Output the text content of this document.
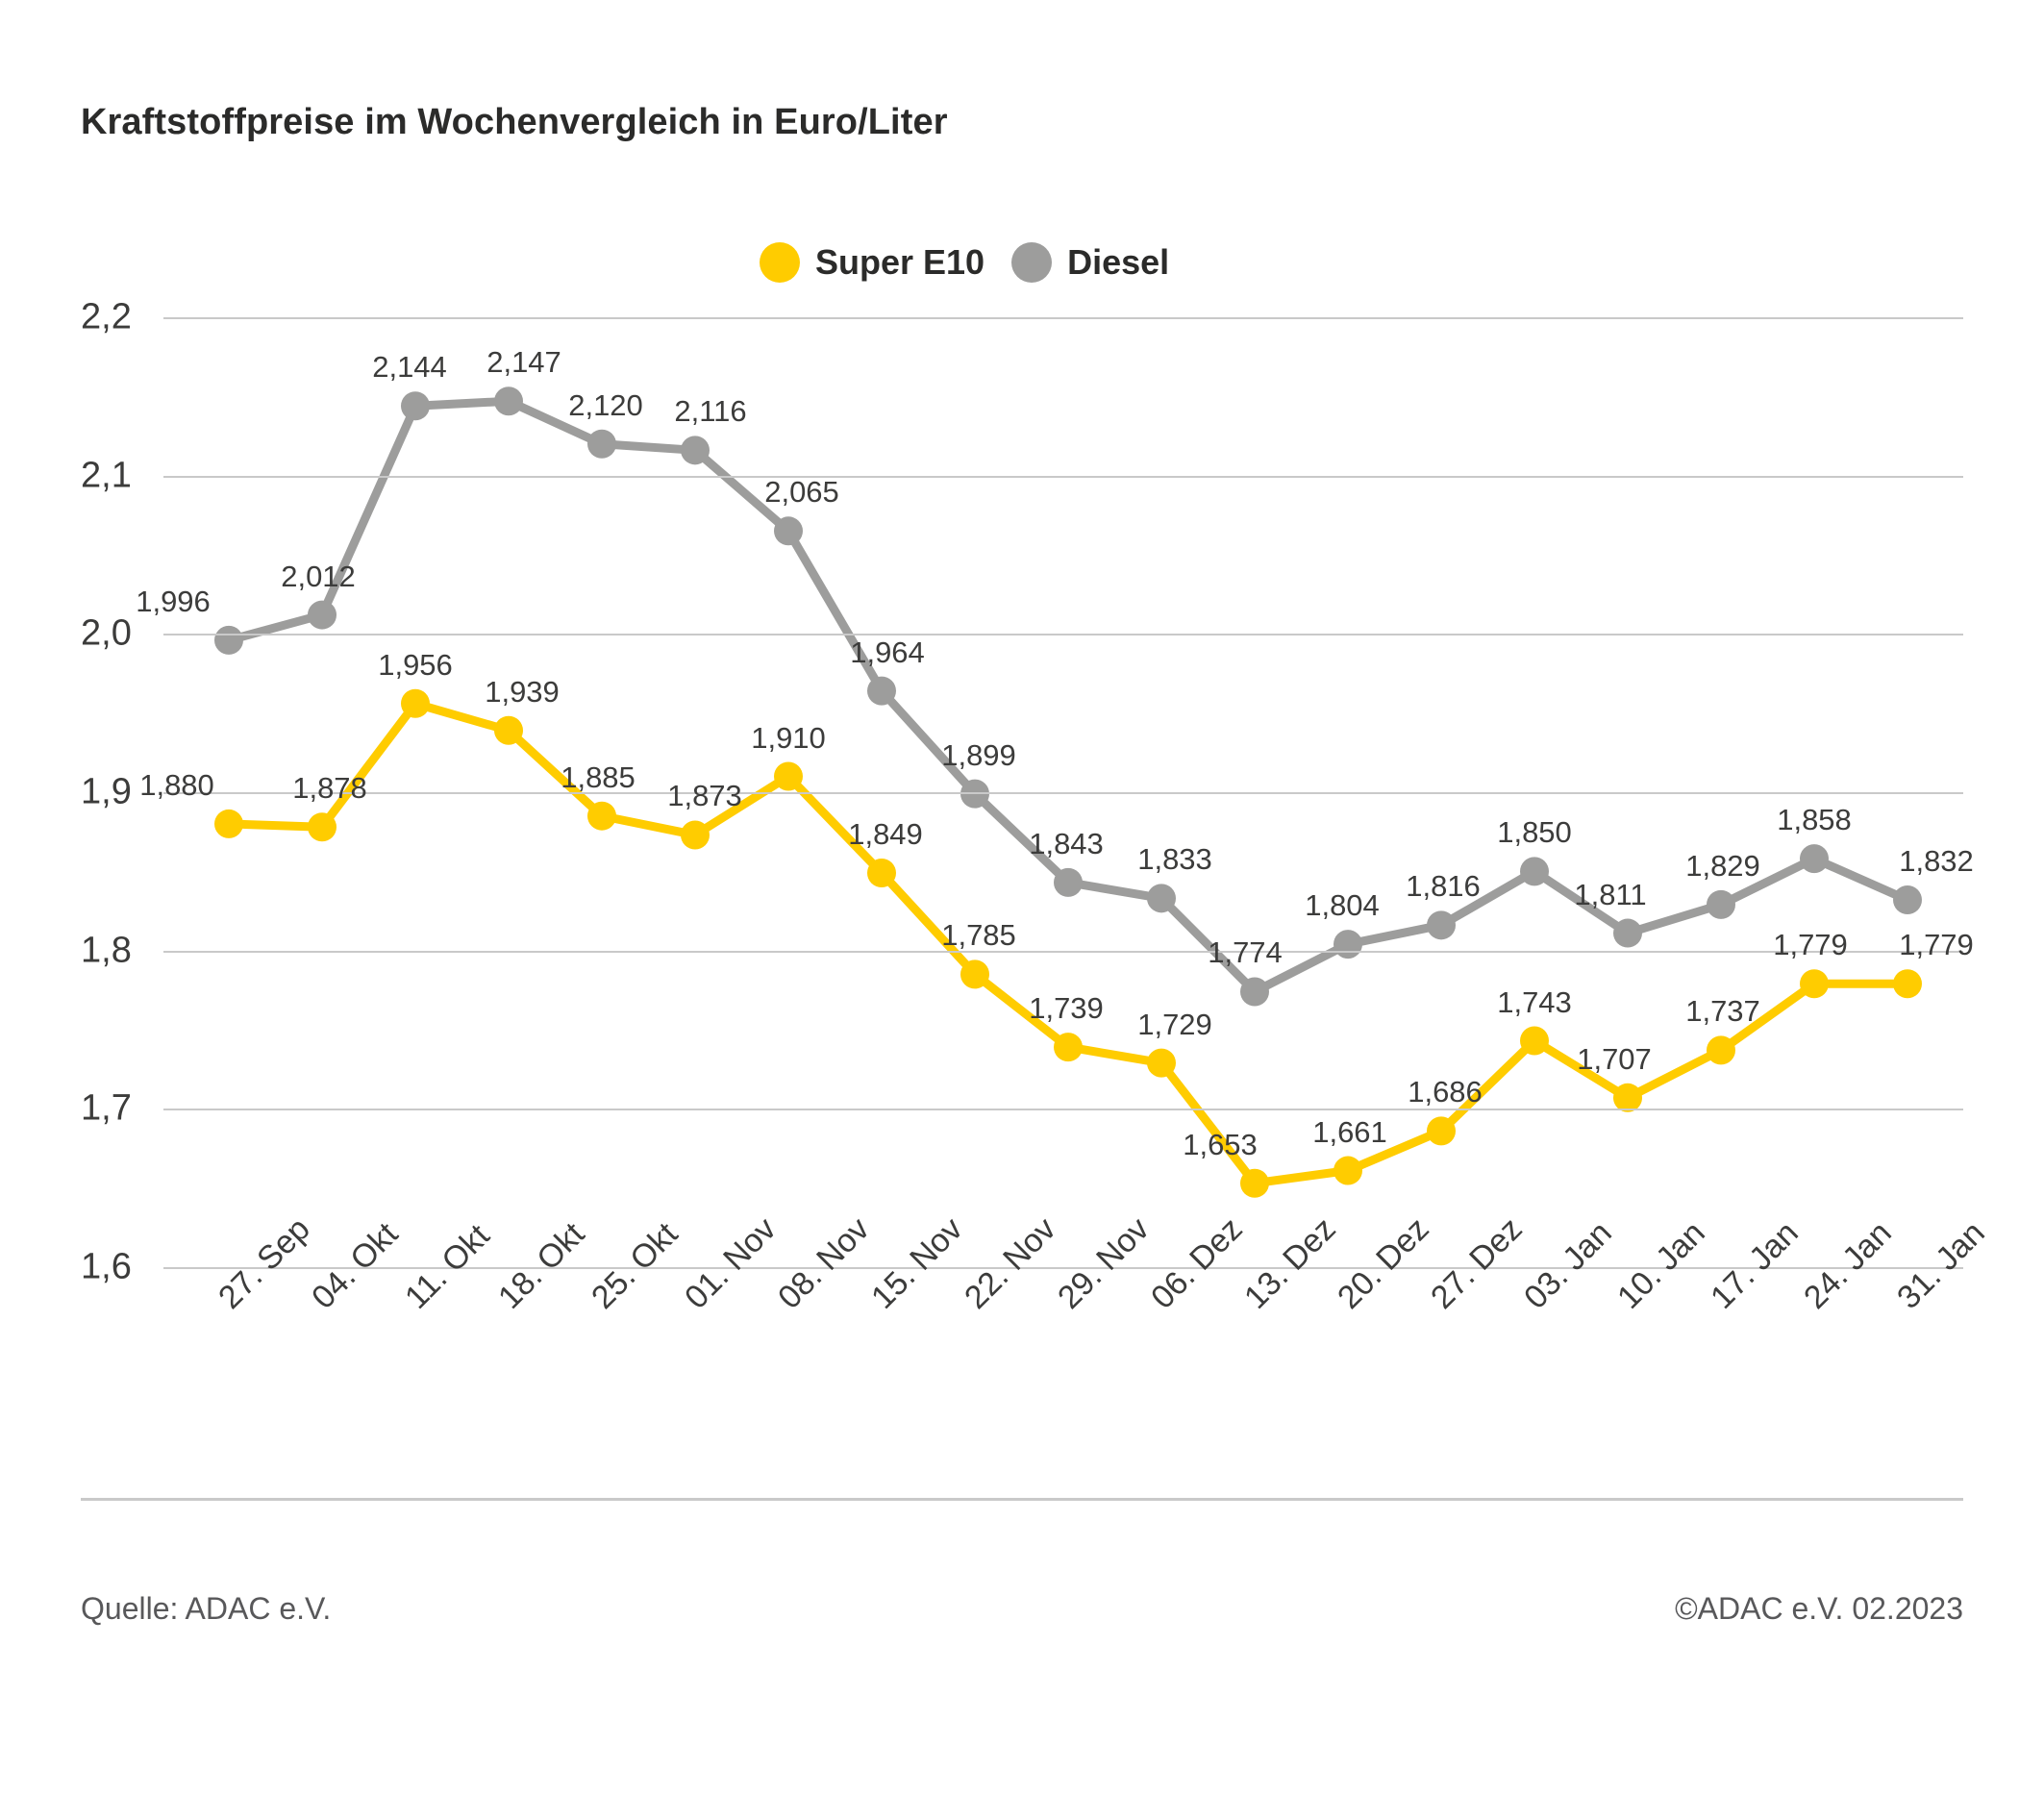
Kraftstoffpreise im Wochenvergleich in Euro/Liter
Super E10 Diesel
1,6
1,7
1,8
1,9
2,0
2,1
2,2
1,880	1,878
1,956
1,939
1,885
1,873
1,910
1,849
1,785
1,739 1,729
1,653 1,661
1,686
1,743
1,707
1,737
1,779 1,779
1,996
2,012
2,144 2,147
2,120 2,116
2,065
1,964
1,899
1,843 1,833
1,774
1,804
1,816
1,850
1,811
1,829
1,858
1,832
27. Sep
04. Okt
11. Okt
18. Okt
25. Okt
01. Nov
08. Nov
15. Nov
22. Nov
29. Nov
06. Dez
13. Dez
20. Dez
27. Dez
03. Jan
10. Jan
17. Jan
24. Jan
31. Jan
Quelle: ADAC e.V.	©ADAC e.V. 02.2023
